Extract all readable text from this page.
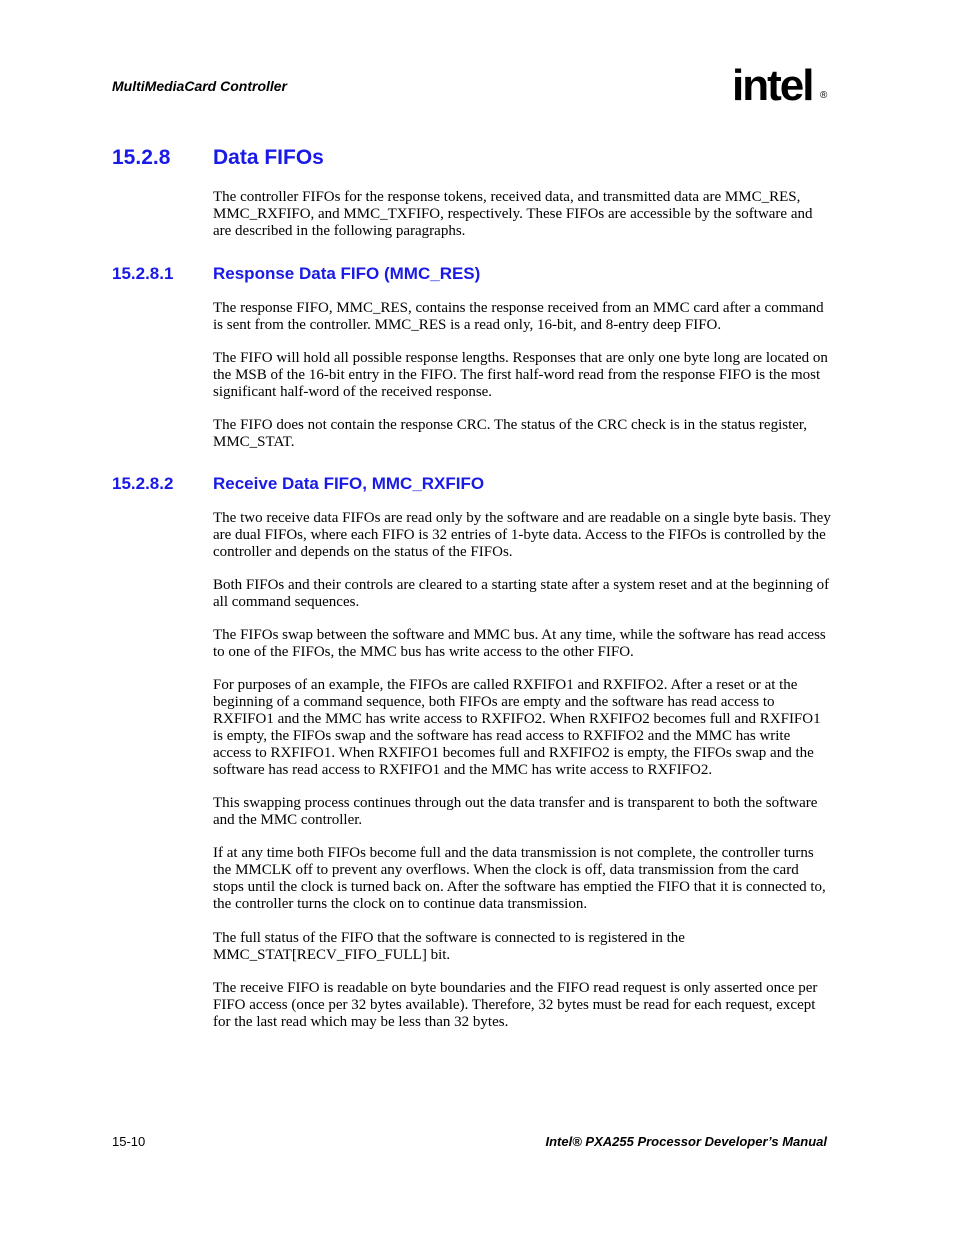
MultiMediaCard Controller	intel ®
15.2.8 Data FIFOs
The controller FIFOs for the response tokens, received data, and transmitted data are MMC_RES, MMC_RXFIFO, and MMC_TXFIFO, respectively. These FIFOs are accessible by the software and are described in the following paragraphs.
15.2.8.1 Response Data FIFO (MMC_RES)
The response FIFO, MMC_RES, contains the response received from an MMC card after a command is sent from the controller. MMC_RES is a read only, 16-bit, and 8-entry deep FIFO.
The FIFO will hold all possible response lengths. Responses that are only one byte long are located on the MSB of the 16-bit entry in the FIFO. The first half-word read from the response FIFO is the most significant half-word of the received response.
The FIFO does not contain the response CRC. The status of the CRC check is in the status register, MMC_STAT.
15.2.8.2 Receive Data FIFO, MMC_RXFIFO
The two receive data FIFOs are read only by the software and are readable on a single byte basis. They are dual FIFOs, where each FIFO is 32 entries of 1-byte data. Access to the FIFOs is controlled by the controller and depends on the status of the FIFOs.
Both FIFOs and their controls are cleared to a starting state after a system reset and at the beginning of all command sequences.
The FIFOs swap between the software and MMC bus. At any time, while the software has read access to one of the FIFOs, the MMC bus has write access to the other FIFO.
For purposes of an example, the FIFOs are called RXFIFO1 and RXFIFO2. After a reset or at the beginning of a command sequence, both FIFOs are empty and the software has read access to RXFIFO1 and the MMC has write access to RXFIFO2. When RXFIFO2 becomes full and RXFIFO1 is empty, the FIFOs swap and the software has read access to RXFIFO2 and the MMC has write access to RXFIFO1. When RXFIFO1 becomes full and RXFIFO2 is empty, the FIFOs swap and the software has read access to RXFIFO1 and the MMC has write access to RXFIFO2.
This swapping process continues through out the data transfer and is transparent to both the software and the MMC controller.
If at any time both FIFOs become full and the data transmission is not complete, the controller turns the MMCLK off to prevent any overflows. When the clock is off, data transmission from the card stops until the clock is turned back on. After the software has emptied the FIFO that it is connected to, the controller turns the clock on to continue data transmission.
The full status of the FIFO that the software is connected to is registered in the MMC_STAT[RECV_FIFO_FULL] bit.
The receive FIFO is readable on byte boundaries and the FIFO read request is only asserted once per FIFO access (once per 32 bytes available). Therefore, 32 bytes must be read for each request, except for the last read which may be less than 32 bytes.
15-10	Intel® PXA255 Processor Developer’s Manual
